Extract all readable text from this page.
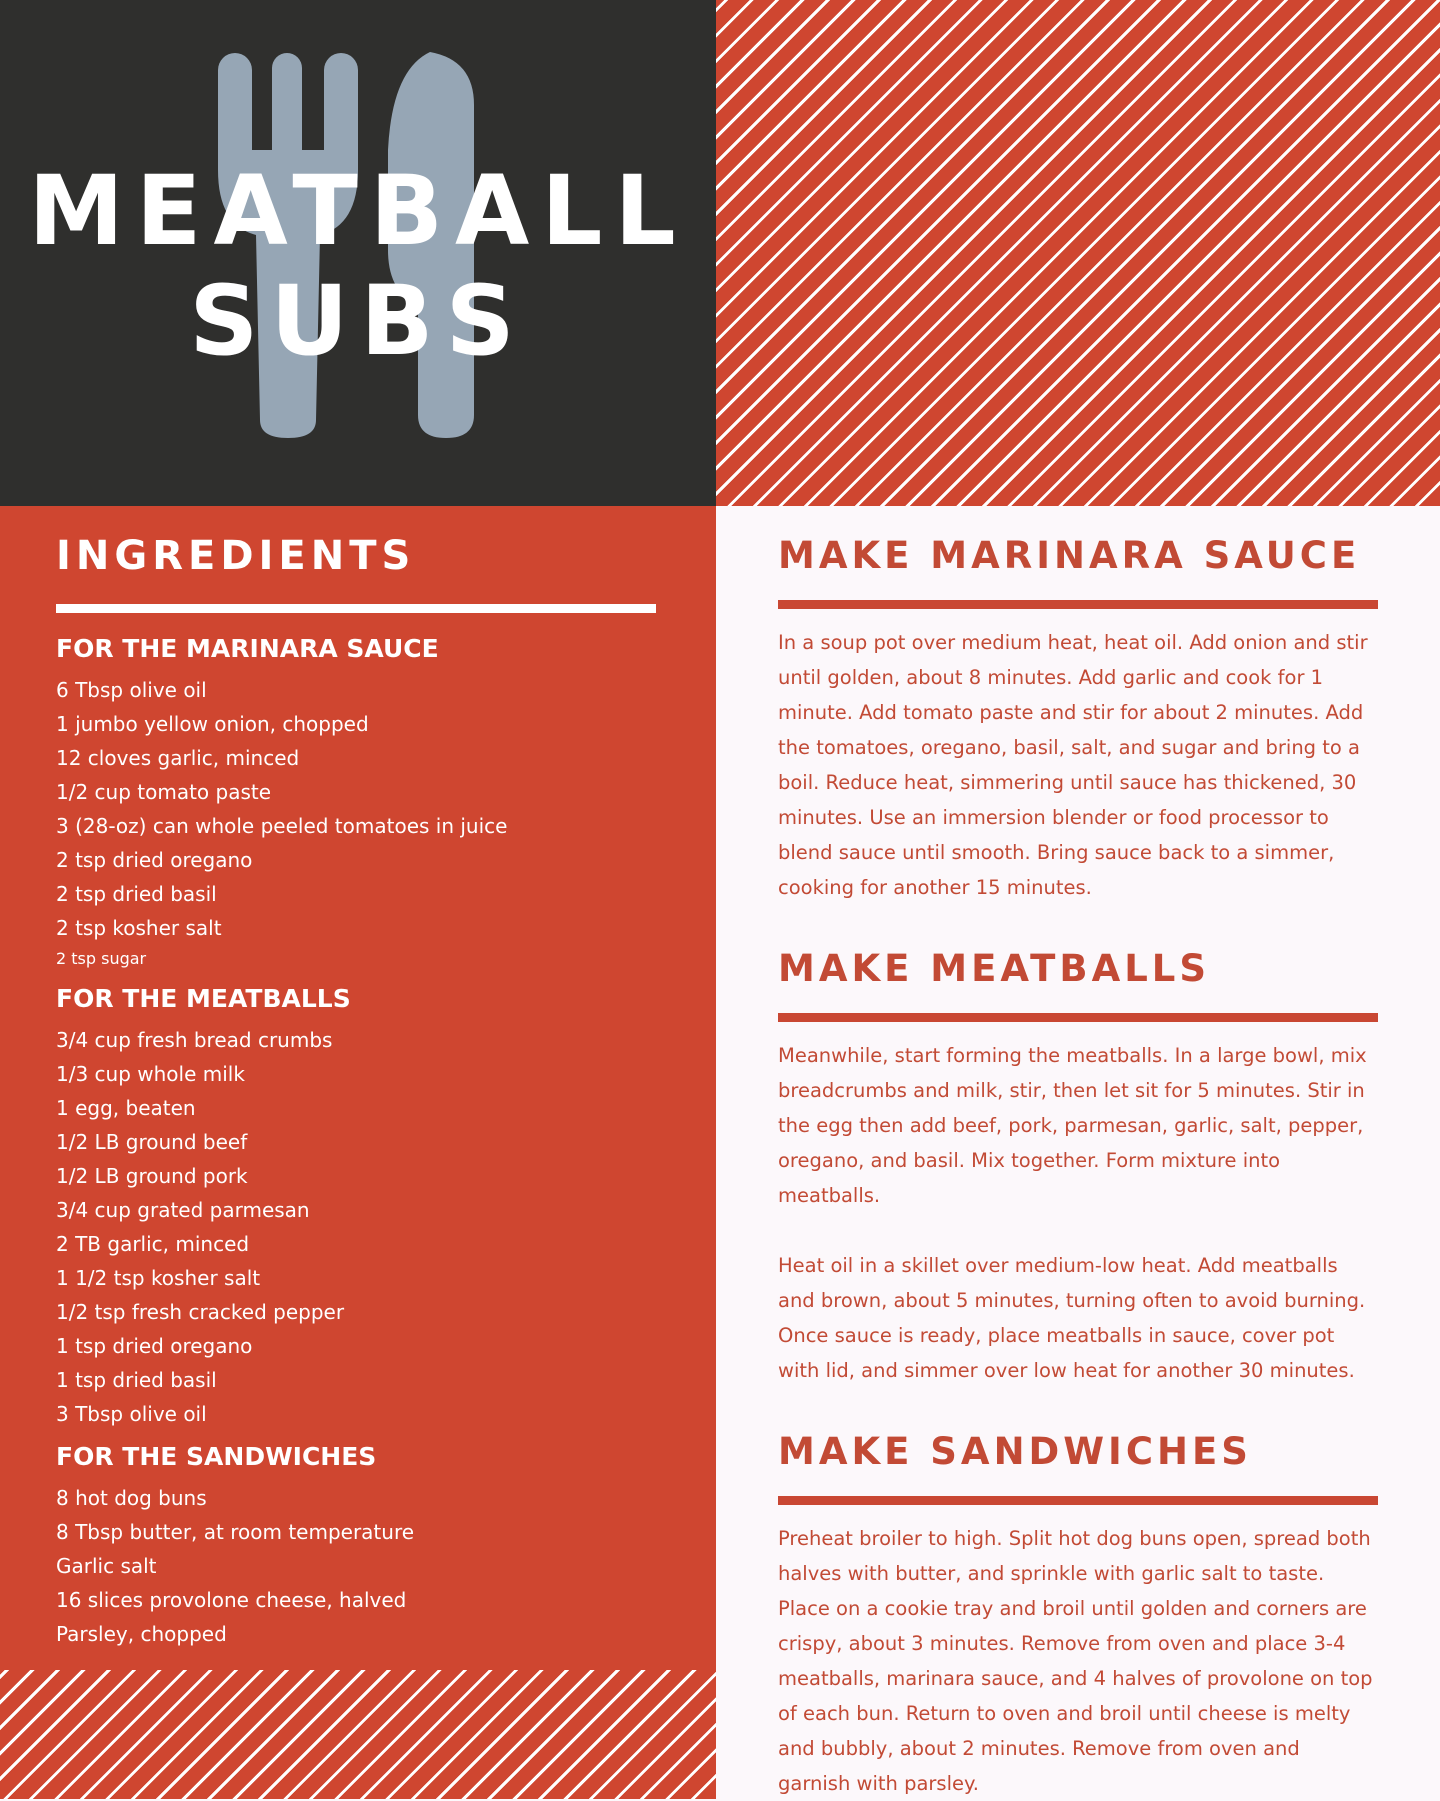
MEATBALL
SUBS
INGREDIENTS
FOR THE MARINARA SAUCE
6 Tbsp olive oil
1 jumbo yellow onion, chopped
12 cloves garlic, minced
1/2 cup tomato paste
3 (28-oz) can whole peeled tomatoes in juice
2 tsp dried oregano
2 tsp dried basil
2 tsp kosher salt
2 tsp sugar
FOR THE MEATBALLS
3/4 cup fresh bread crumbs
1/3 cup whole milk
1 egg, beaten
1/2 LB ground beef
1/2 LB ground pork
3/4 cup grated parmesan
2 TB garlic, minced
1 1/2 tsp kosher salt
1/2 tsp fresh cracked pepper
1 tsp dried oregano
1 tsp dried basil
3 Tbsp olive oil
FOR THE SANDWICHES
8 hot dog buns
8 Tbsp butter, at room temperature
Garlic salt
16 slices provolone cheese, halved
Parsley, chopped
MAKE MARINARA SAUCE

In a soup pot over medium heat, heat oil. Add onion and stir until golden, about 8 minutes. Add garlic and cook for 1 minute. Add tomato paste and stir for about 2 minutes. Add the tomatoes, oregano, basil, salt, and sugar and bring to a boil. Reduce heat, simmering until sauce has thickened, 30 minutes. Use an immersion blender or food processor to blend sauce until smooth. Bring sauce back to a simmer, cooking for another 15 minutes.

MAKE MEATBALLS

Meanwhile, start forming the meatballs. In a large bowl, mix breadcrumbs and milk, stir, then let sit for 5 minutes. Stir in the egg then add beef, pork, parmesan, garlic, salt, pepper, oregano, and basil. Mix together. Form mixture into meatballs.

Heat oil in a skillet over medium-low heat. Add meatballs and brown, about 5 minutes, turning often to avoid burning. Once sauce is ready, place meatballs in sauce, cover pot with lid, and simmer over low heat for another 30 minutes.

MAKE SANDWICHES

Preheat broiler to high. Split hot dog buns open, spread both halves with butter, and sprinkle with garlic salt to taste. Place on a cookie tray and broil until golden and corners are crispy, about 3 minutes. Remove from oven and place 3-4 meatballs, marinara sauce, and 4 halves of provolone on top of each bun. Return to oven and broil until cheese is melty and bubbly, about 2 minutes. Remove from oven and garnish with parsley.
